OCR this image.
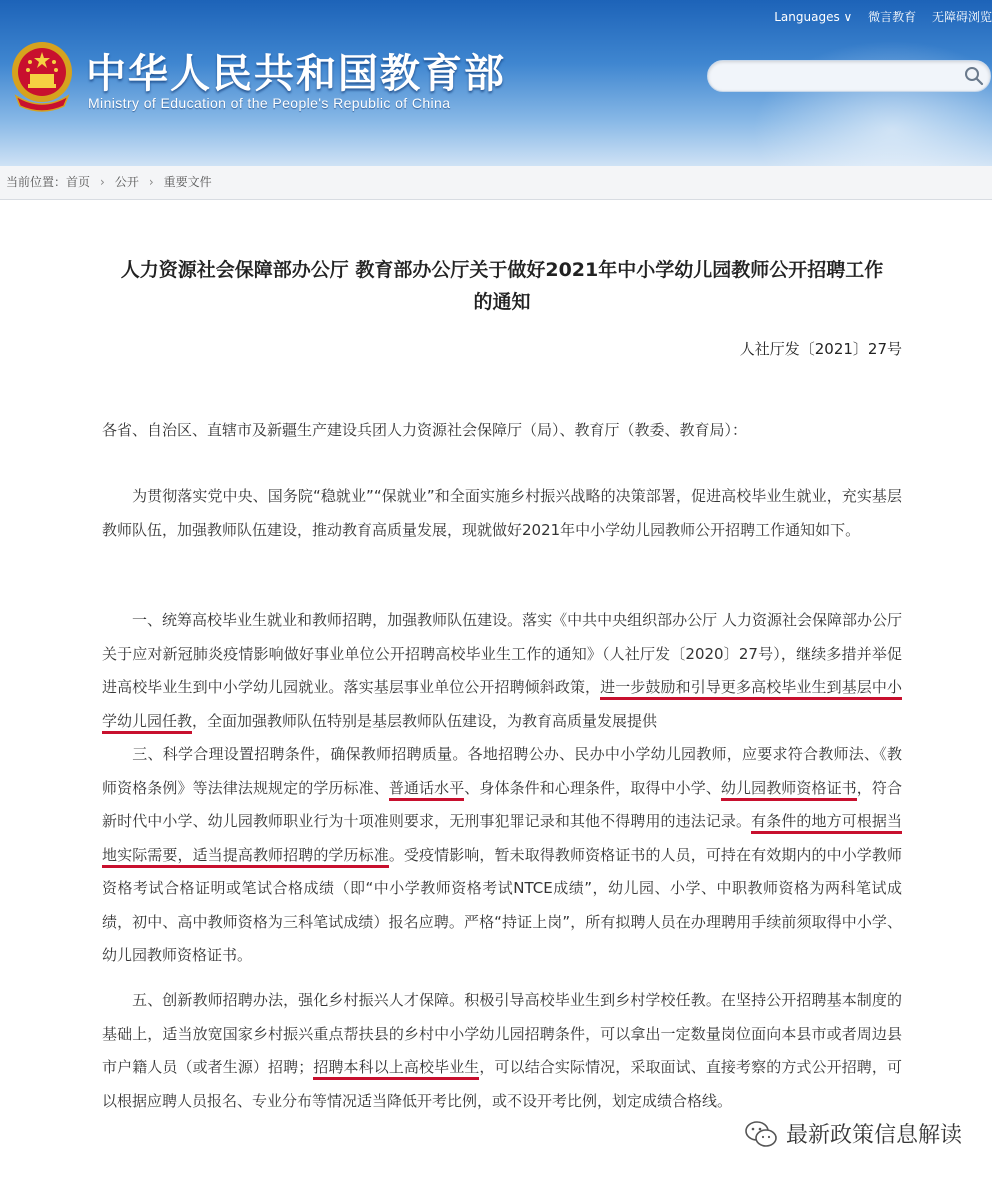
中华人民共和国教育部
Ministry of Education of the People's Republic of China
Languages ∨ 微言教育 无障碍浏览
当前位置：首页 › 公开 › 重要文件
人力资源社会保障部办公厅 教育部办公厅关于做好2021年中小学幼儿园教师公开招聘工作
的通知
人社厅发〔2021〕27号
各省、自治区、直辖市及新疆生产建设兵团人力资源社会保障厅（局）、教育厅（教委、教育局）：
为贯彻落实党中央、国务院“稳就业”“保就业”和全面实施乡村振兴战略的决策部署，促进高校毕业生就业，充实基层教师队伍，加强教师队伍建设，推动教育高质量发展，现就做好2021年中小学幼儿园教师公开招聘工作通知如下。
一、统筹高校毕业生就业和教师招聘，加强教师队伍建设。落实《中共中央组织部办公厅 人力资源社会保障部办公厅关于应对新冠肺炎疫情影响做好事业单位公开招聘高校毕业生工作的通知》（人社厅发〔2020〕27号），继续多措并举促进高校毕业生到中小学幼儿园就业。落实基层事业单位公开招聘倾斜政策，进一步鼓励和引导更多高校毕业生到基层中小学幼儿园任教，全面加强教师队伍特别是基层教师队伍建设，为教育高质量发展提供
三、科学合理设置招聘条件，确保教师招聘质量。各地招聘公办、民办中小学幼儿园教师，应要求符合教师法、《教师资格条例》等法律法规规定的学历标准、普通话水平、身体条件和心理条件，取得中小学、幼儿园教师资格证书，符合新时代中小学、幼儿园教师职业行为十项准则要求，无刑事犯罪记录和其他不得聘用的违法记录。有条件的地方可根据当地实际需要，适当提高教师招聘的学历标准。受疫情影响，暂未取得教师资格证书的人员，可持在有效期内的中小学教师资格考试合格证明或笔试合格成绩（即“中小学教师资格考试NTCE成绩”，幼儿园、小学、中职教师资格为两科笔试成绩，初中、高中教师资格为三科笔试成绩）报名应聘。严格“持证上岗”，所有拟聘人员在办理聘用手续前须取得中小学、幼儿园教师资格证书。
五、创新教师招聘办法，强化乡村振兴人才保障。积极引导高校毕业生到乡村学校任教。在坚持公开招聘基本制度的基础上，适当放宽国家乡村振兴重点帮扶县的乡村中小学幼儿园招聘条件，可以拿出一定数量岗位面向本县市或者周边县市户籍人员（或者生源）招聘；招聘本科以上高校毕业生，可以结合实际情况，采取面试、直接考察的方式公开招聘，可以根据应聘人员报名、专业分布等情况适当降低开考比例，或不设开考比例，划定成绩合格线。
最新政策信息解读
